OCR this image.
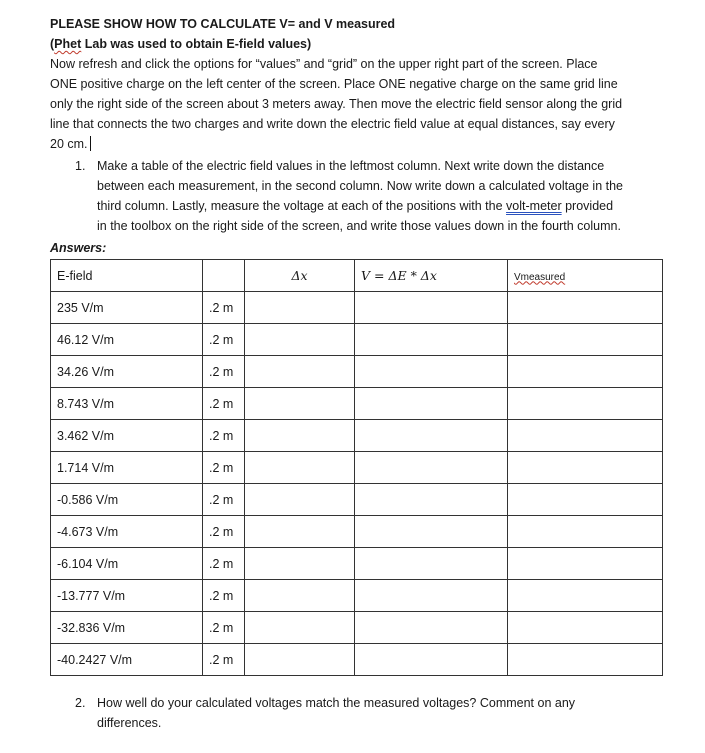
PLEASE SHOW HOW TO CALCULATE V= and V measured
(Phet Lab was used to obtain E-field values)
Now refresh and click the options for “values” and “grid” on the upper right part of the screen. Place
ONE positive charge on the left center of the screen. Place ONE negative charge on the same grid line
only the right side of the screen about 3 meters away. Then move the electric field sensor along the grid
line that connects the two charges and write down the electric field value at equal distances, say every
20 cm.
1. Make a table of the electric field values in the leftmost column. Next write down the distance
between each measurement, in the second column. Now write down a calculated voltage in the
third column. Lastly, measure the voltage at each of the positions with the volt-meter provided
in the toolbox on the right side of the screen, and write those values down in the fourth column.
Answers:
E-field		Δx	V = ΔE * Δx	Vmeasured
235 V/m	.2 m			
46.12 V/m	.2 m			
34.26 V/m	.2 m			
8.743 V/m	.2 m			
3.462 V/m	.2 m			
1.714 V/m	.2 m			
-0.586 V/m	.2 m			
-4.673 V/m	.2 m			
-6.104 V/m	.2 m			
-13.777 V/m	.2 m			
-32.836 V/m	.2 m			
-40.2427 V/m	.2 m			
2. How well do your calculated voltages match the measured voltages? Comment on any
differences.
